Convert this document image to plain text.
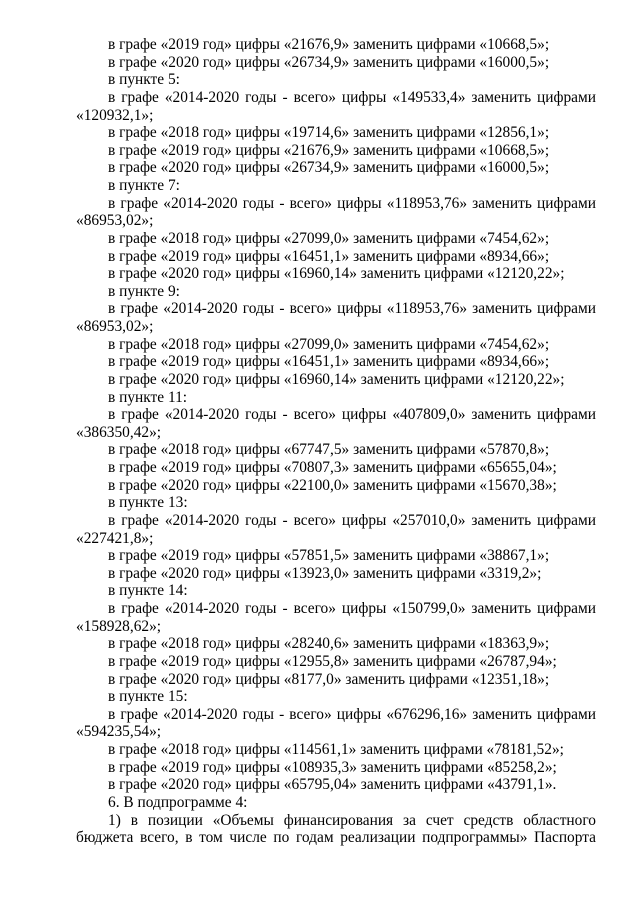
в графе «2019 год» цифры «21676,9» заменить цифрами «10668,5»;
в графе «2020 год» цифры «26734,9» заменить цифрами «16000,5»;
в пункте 5:
в графе «2014-2020 годы - всего» цифры «149533,4» заменить цифрами
«120932,1»;
в графе «2018 год» цифры «19714,6» заменить цифрами «12856,1»;
в графе «2019 год» цифры «21676,9» заменить цифрами «10668,5»;
в графе «2020 год» цифры «26734,9» заменить цифрами «16000,5»;
в пункте 7:
в графе «2014-2020 годы - всего» цифры «118953,76» заменить цифрами
«86953,02»;
в графе «2018 год» цифры «27099,0» заменить цифрами «7454,62»;
в графе «2019 год» цифры «16451,1» заменить цифрами «8934,66»;
в графе «2020 год» цифры «16960,14» заменить цифрами «12120,22»;
в пункте 9:
в графе «2014-2020 годы - всего» цифры «118953,76» заменить цифрами
«86953,02»;
в графе «2018 год» цифры «27099,0» заменить цифрами «7454,62»;
в графе «2019 год» цифры «16451,1» заменить цифрами «8934,66»;
в графе «2020 год» цифры «16960,14» заменить цифрами «12120,22»;
в пункте 11:
в графе «2014-2020 годы - всего» цифры «407809,0» заменить цифрами
«386350,42»;
в графе «2018 год» цифры «67747,5» заменить цифрами «57870,8»;
в графе «2019 год» цифры «70807,3» заменить цифрами «65655,04»;
в графе «2020 год» цифры «22100,0» заменить цифрами «15670,38»;
в пункте 13:
в графе «2014-2020 годы - всего» цифры «257010,0» заменить цифрами
«227421,8»;
в графе «2019 год» цифры «57851,5» заменить цифрами «38867,1»;
в графе «2020 год» цифры «13923,0» заменить цифрами «3319,2»;
в пункте 14:
в графе «2014-2020 годы - всего» цифры «150799,0» заменить цифрами
«158928,62»;
в графе «2018 год» цифры «28240,6» заменить цифрами «18363,9»;
в графе «2019 год» цифры «12955,8» заменить цифрами «26787,94»;
в графе «2020 год» цифры «8177,0» заменить цифрами «12351,18»;
в пункте 15:
в графе «2014-2020 годы - всего» цифры «676296,16» заменить цифрами
«594235,54»;
в графе «2018 год» цифры «114561,1» заменить цифрами «78181,52»;
в графе «2019 год» цифры «108935,3» заменить цифрами «85258,2»;
в графе «2020 год» цифры «65795,04» заменить цифрами «43791,1».
6. В подпрограмме 4:
1) в позиции «Объемы финансирования за счет средств областного
бюджета всего, в том числе по годам реализации подпрограммы» Паспорта
